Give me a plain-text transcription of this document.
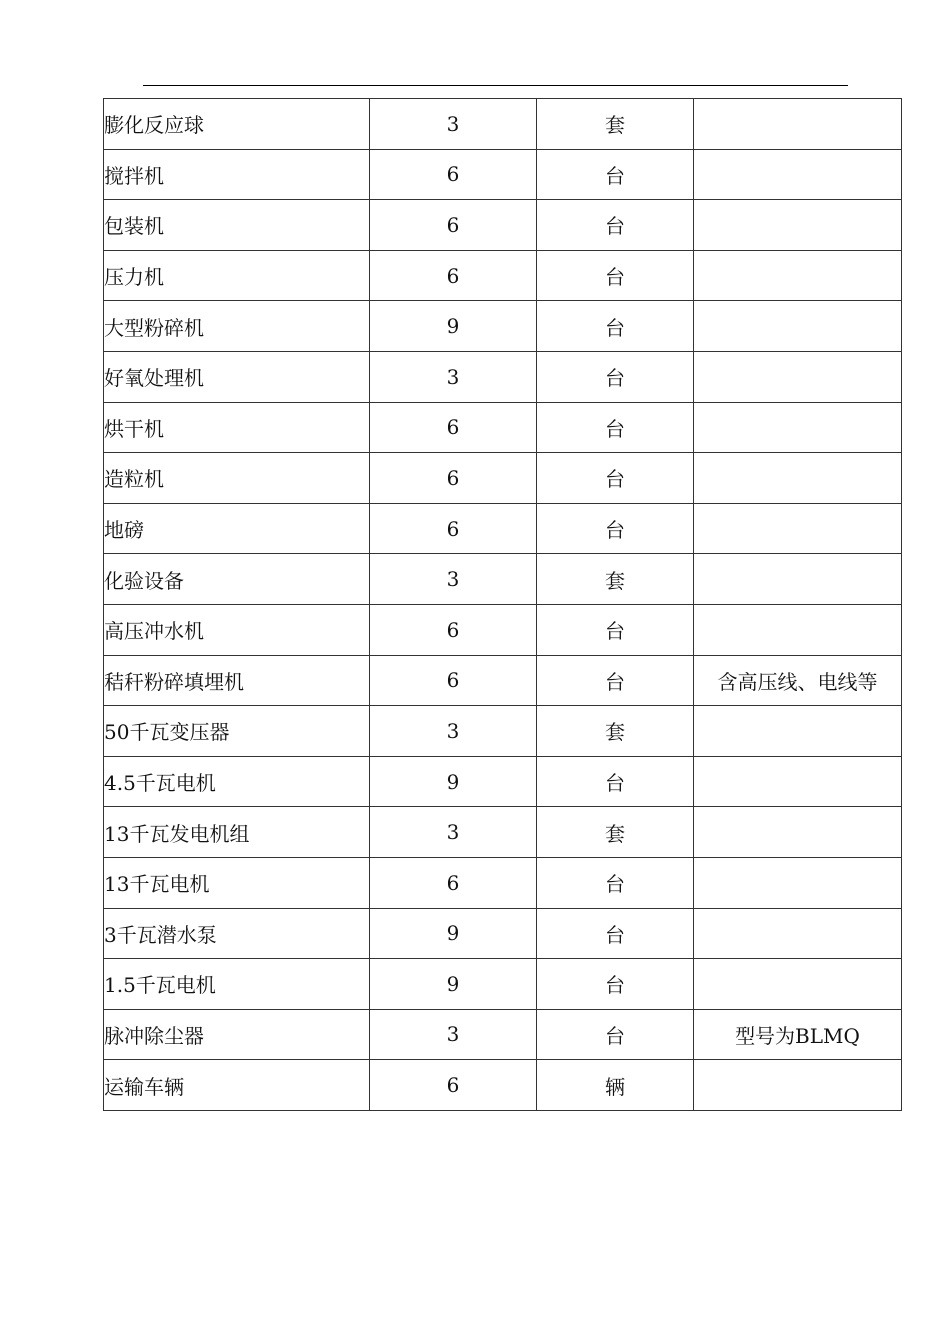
膨化反应球	3	套	
搅拌机	6	台	
包装机	6	台	
压力机	6	台	
大型粉碎机	9	台	
好氧处理机	3	台	
烘干机	6	台	
造粒机	6	台	
地磅	6	台	
化验设备	3	套	
高压冲水机	6	台	
秸秆粉碎填埋机	6	台	含高压线、电线等
50千瓦变压器	3	套	
4.5千瓦电机	9	台	
13千瓦发电机组	3	套	
13千瓦电机	6	台	
3千瓦潜水泵	9	台	
1.5千瓦电机	9	台	
脉冲除尘器	3	台	型号为BLMQ
运输车辆	6	辆	
